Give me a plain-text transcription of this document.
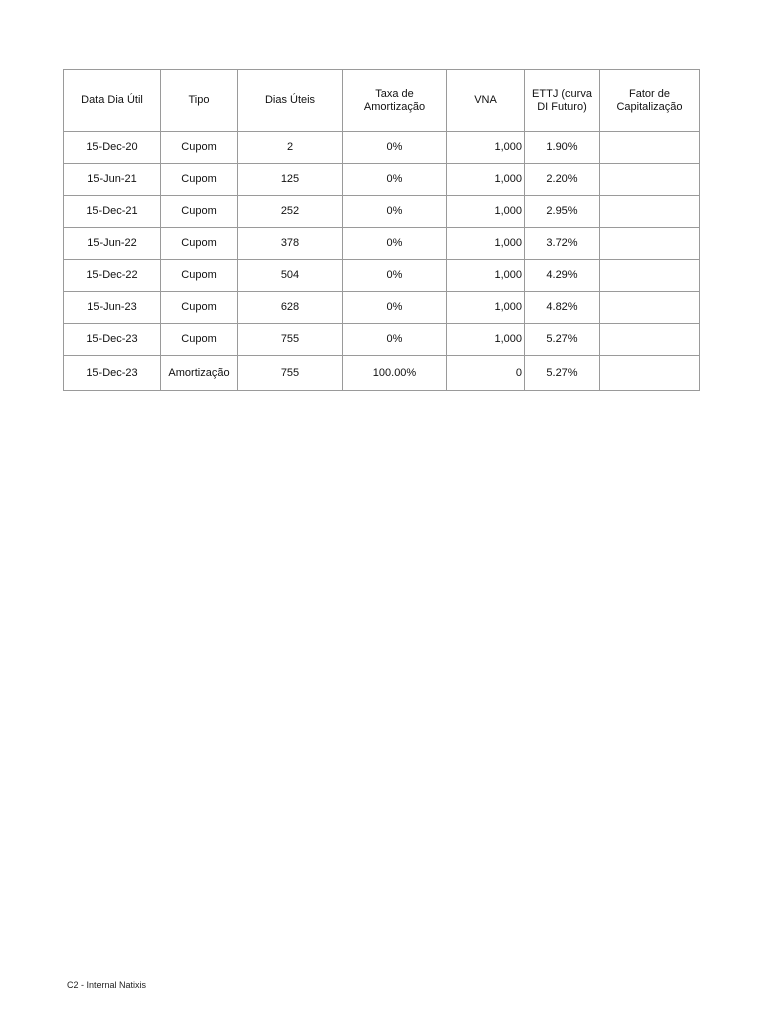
Data Dia Útil	Tipo	Dias Úteis	Taxa de Amortização	VNA	ETTJ (curva DI Futuro)	Fator de Capitalização
15-Dec-20	Cupom	2	0%	1,000	1.90%	
15-Jun-21	Cupom	125	0%	1,000	2.20%	
15-Dec-21	Cupom	252	0%	1,000	2.95%	
15-Jun-22	Cupom	378	0%	1,000	3.72%	
15-Dec-22	Cupom	504	0%	1,000	4.29%	
15-Jun-23	Cupom	628	0%	1,000	4.82%	
15-Dec-23	Cupom	755	0%	1,000	5.27%	
15-Dec-23	Amortização	755	100.00%	0	5.27%	
C2 - Internal Natixis
